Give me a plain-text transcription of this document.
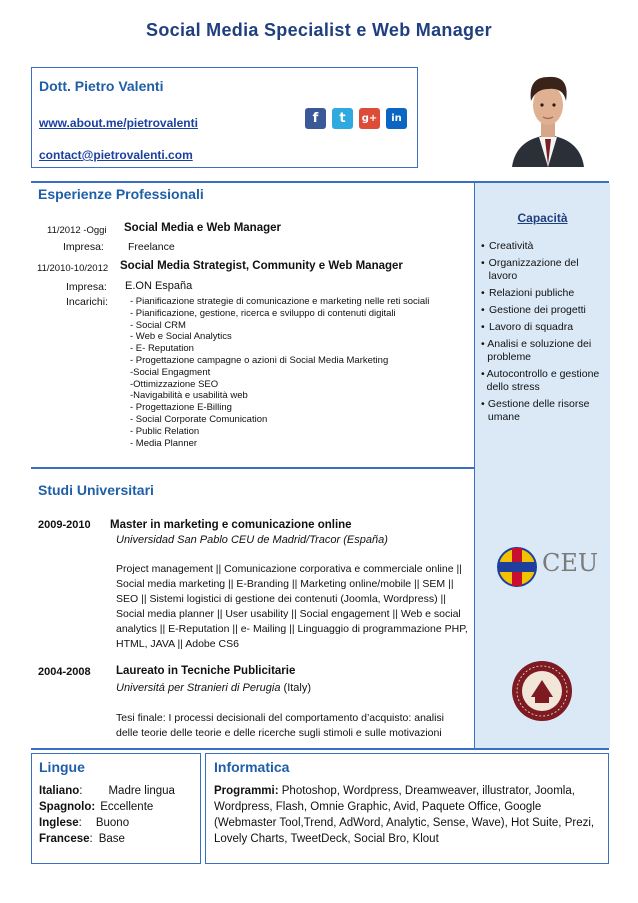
Social Media Specialist e Web Manager
Dott. Pietro Valenti
www.about.me/pietrovalenti
contact@pietrovalenti.com
f	t	g+	in
Esperienze Professionali
11/2012 -Oggi Social Media e Web Manager
Impresa: Freelance
11/2010-10/2012 Social Media Strategist, Community e Web Manager
Impresa: E.ON España
Incarichi: - Pianificazione strategie di comunicazione e marketing nelle reti sociali
- Pianificazione, gestione, ricerca e sviluppo di contenuti digitali
- Social CRM
- Web e Social Analytics
- E- Reputation
- Progettazione campagne o azioni di Social Media Marketing
-Social Engagment
-Ottimizzazione SEO
-Navigabilità e usabilità web
- Progettazione E-Billing
- Social Corporate Comunication
- Public Relation
- Media Planner
Capacità
• Creatività
• Organizzazione del lavoro
• Relazioni publiche
• Gestione dei progetti
• Lavoro di squadra
• Analisi e soluzione dei probleme
• Autocontrollo e gestione dello stress
• Gestione delle risorse umane
Studi Universitari
2009-2010 Master in marketing e comunicazione online
Universidad San Pablo CEU de Madrid/Tracor (España)
Project management || Comunicazione corporativa e commerciale online || Social media marketing || E-Branding || Marketing online/mobile || SEM || SEO || Sistemi logistici di gestione dei contenuti (Joomla, Wordpress) || Social media planner || User usability || Social engagement || Web e social analytics || E-Reputation || e- Mailing || Linguaggio di programmazione PHP, HTML, JAVA || Adobe CS6
CEU
2004-2008 Laureato in Tecniche Publicitarie
Universitá per Stranieri di Perugia (Italy)
Tesi finale: I processi decisionali del comportamento d’acquisto: analisi delle teorie delle teorie e delle ricerche sugli stimoli e sulle motivazioni
Lingue
Italiano: Madre lingua
Spagnolo: Eccellente
Inglese: Buono
Francese: Base
Informatica
Programmi: Photoshop, Wordpress, Dreamweaver, illustrator, Joomla, Wordpress, Flash, Omnie Graphic, Avid, Paquete Office, Google (Webmaster Tool,Trend, AdWord, Analytic, Sense, Wave), Hot Suite, Prezi, Lovely Charts, TweetDeck, Social Bro, Klout
